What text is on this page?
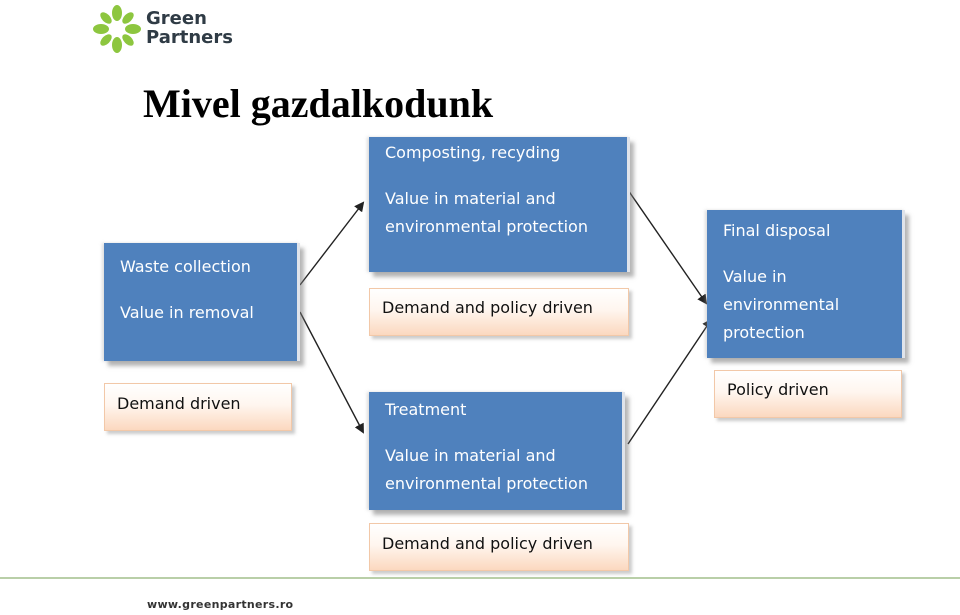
Green
Partners
Mivel gazdalkodunk
Waste collection
Value in removal
Demand driven
Composting, recyding
Value in material and
environmental protection
Demand and policy driven
Treatment
Value in material and
environmental protection
Demand and policy driven
Final disposal
Value in
environmental
protection
Policy driven
www.greenpartners.ro
